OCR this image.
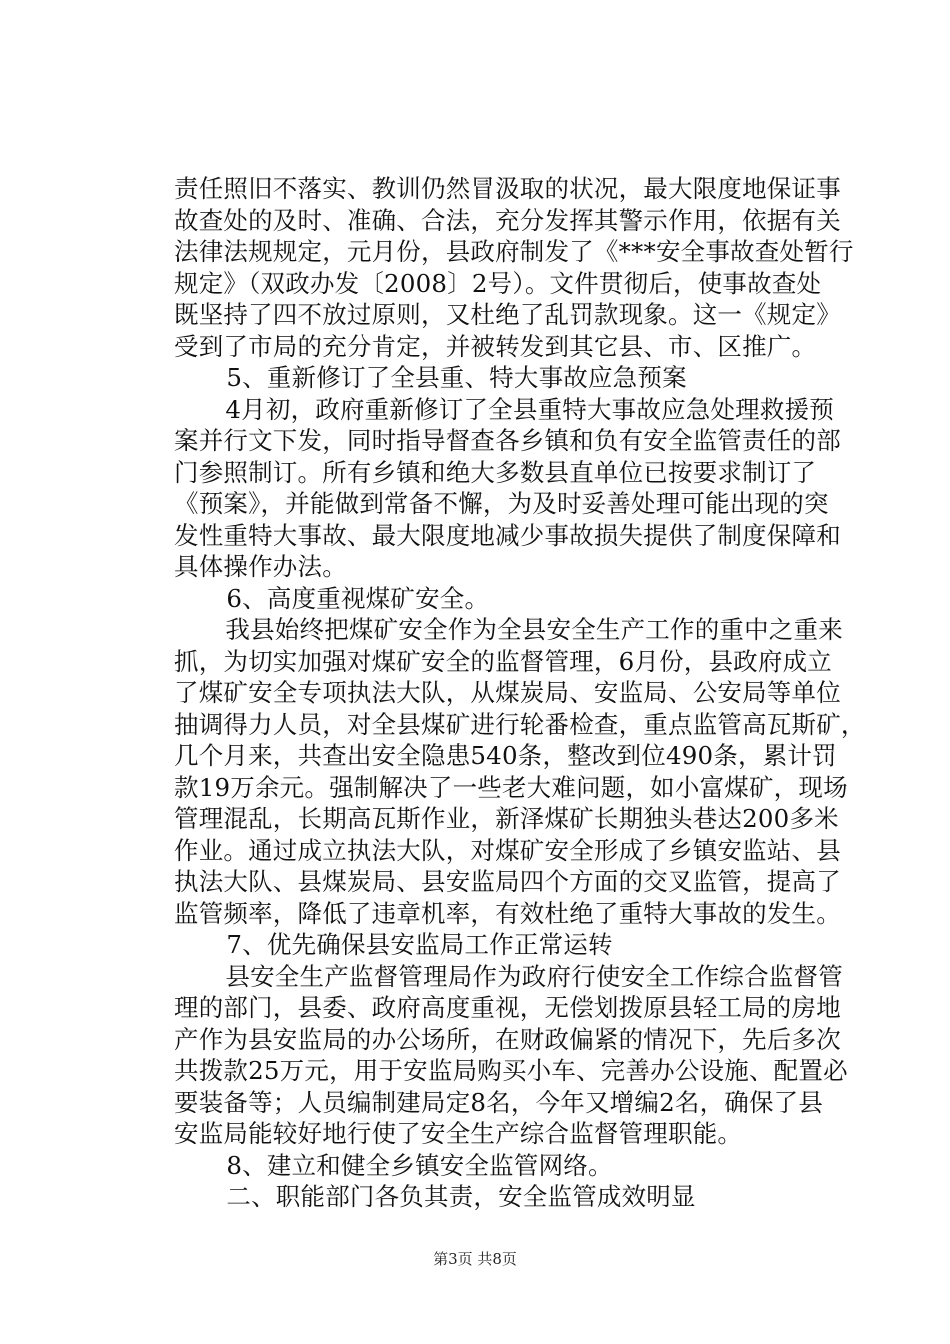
责任照旧不落实、教训仍然冒汲取的状况，最大限度地保证事
故查处的及时、准确、合法，充分发挥其警示作用，依据有关
法律法规规定，元月份，县政府制发了《***安全事故查处暂行
规定》（双政办发〔2008〕2号）。文件贯彻后，使事故查处
既坚持了四不放过原则，又杜绝了乱罚款现象。这一《规定》
受到了市局的充分肯定，并被转发到其它县、市、区推广。
　　5、重新修订了全县重、特大事故应急预案
　　4月初，政府重新修订了全县重特大事故应急处理救援预
案并行文下发，同时指导督查各乡镇和负有安全监管责任的部
门参照制订。所有乡镇和绝大多数县直单位已按要求制订了
《预案》，并能做到常备不懈，为及时妥善处理可能出现的突
发性重特大事故、最大限度地减少事故损失提供了制度保障和
具体操作办法。
　　6、高度重视煤矿安全。
　　我县始终把煤矿安全作为全县安全生产工作的重中之重来
抓，为切实加强对煤矿安全的监督管理，6月份，县政府成立
了煤矿安全专项执法大队，从煤炭局、安监局、公安局等单位
抽调得力人员，对全县煤矿进行轮番检查，重点监管高瓦斯矿，
几个月来，共查出安全隐患540条，整改到位490条，累计罚
款19万余元。强制解决了一些老大难问题，如小富煤矿，现场
管理混乱，长期高瓦斯作业，新泽煤矿长期独头巷达200多米
作业。通过成立执法大队，对煤矿安全形成了乡镇安监站、县
执法大队、县煤炭局、县安监局四个方面的交叉监管，提高了
监管频率，降低了违章机率，有效杜绝了重特大事故的发生。
　　7、优先确保县安监局工作正常运转
　　县安全生产监督管理局作为政府行使安全工作综合监督管
理的部门，县委、政府高度重视，无偿划拨原县轻工局的房地
产作为县安监局的办公场所，在财政偏紧的情况下，先后多次
共拨款25万元，用于安监局购买小车、完善办公设施、配置必
要装备等；人员编制建局定8名，今年又增编2名，确保了县
安监局能较好地行使了安全生产综合监督管理职能。
　　8、建立和健全乡镇安全监管网络。
　　二、职能部门各负其责，安全监管成效明显
第3页 共8页
